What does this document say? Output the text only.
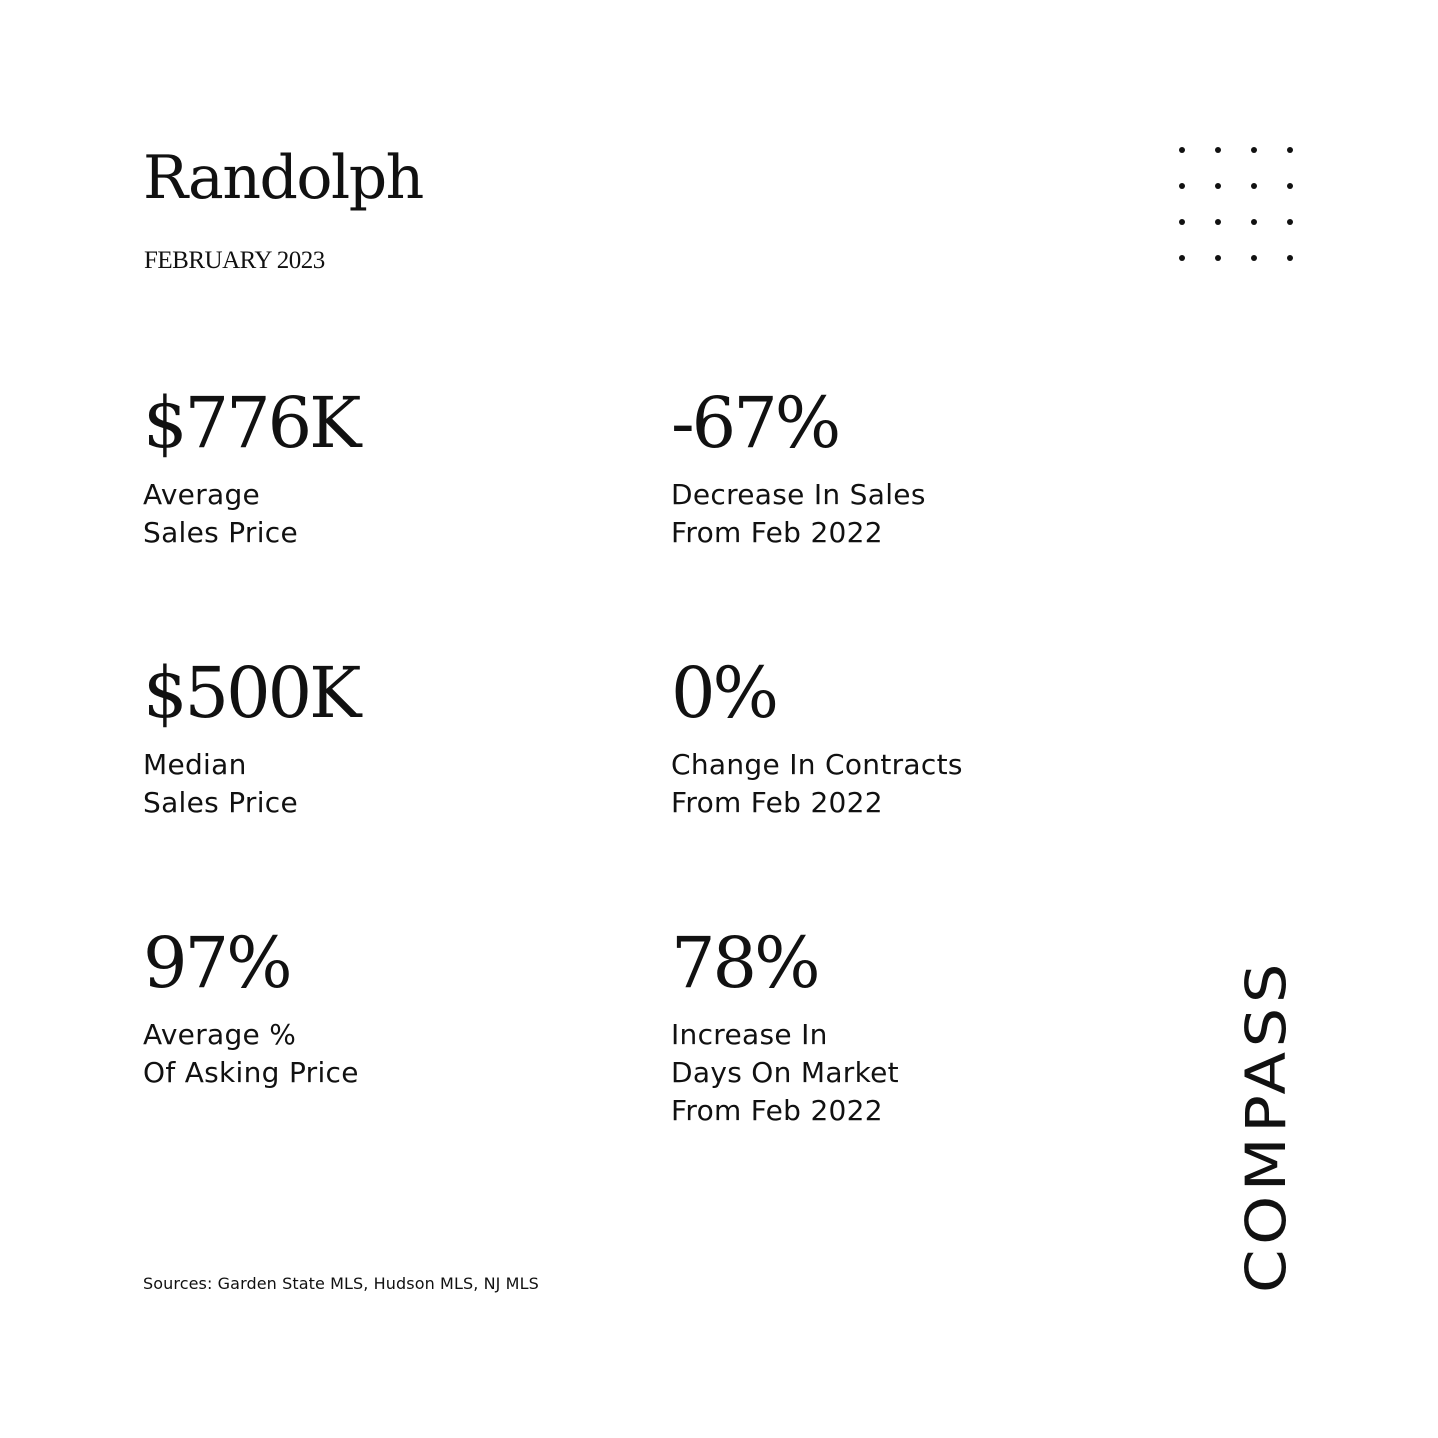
Randolph
FEBRUARY 2023
$776K
Average
Sales Price
-67%
Decrease In Sales
From Feb 2022
$500K
Median
Sales Price
0%
Change In Contracts
From Feb 2022
97%
Average %
Of Asking Price
78%
Increase In
Days On Market
From Feb 2022
Sources: Garden State MLS, Hudson MLS, NJ MLS	COMPASS
